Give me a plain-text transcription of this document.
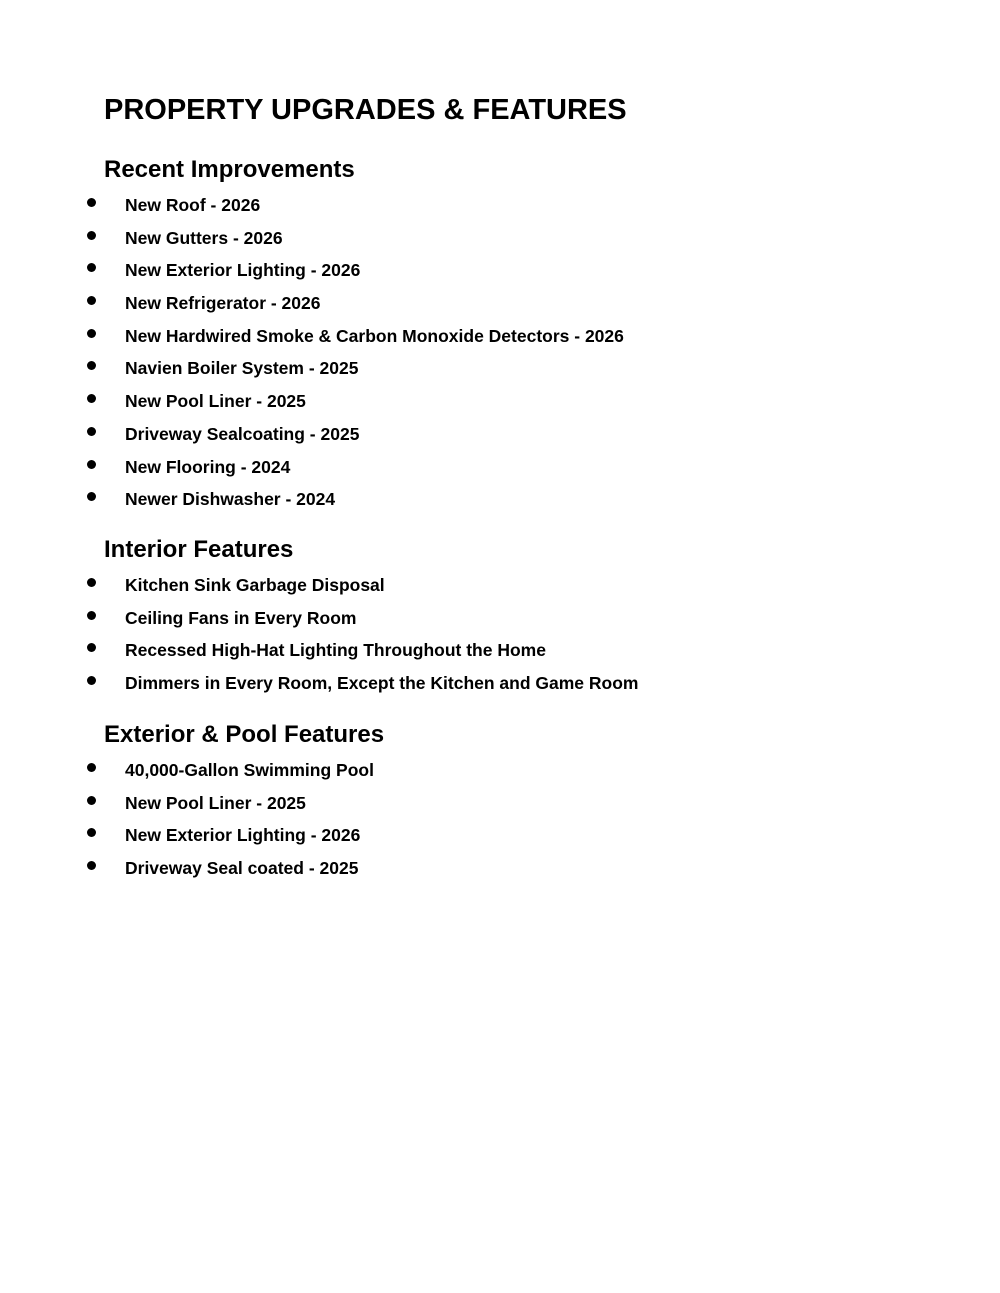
PROPERTY UPGRADES & FEATURES
Recent Improvements
New Roof - 2026
New Gutters - 2026
New Exterior Lighting - 2026
New Refrigerator - 2026
New Hardwired Smoke & Carbon Monoxide Detectors - 2026
Navien Boiler System - 2025
New Pool Liner - 2025
Driveway Sealcoating - 2025
New Flooring - 2024
Newer Dishwasher - 2024
Interior Features
Kitchen Sink Garbage Disposal
Ceiling Fans in Every Room
Recessed High-Hat Lighting Throughout the Home
Dimmers in Every Room, Except the Kitchen and Game Room
Exterior & Pool Features
40,000-Gallon Swimming Pool
New Pool Liner - 2025
New Exterior Lighting - 2026
Driveway Seal coated - 2025
